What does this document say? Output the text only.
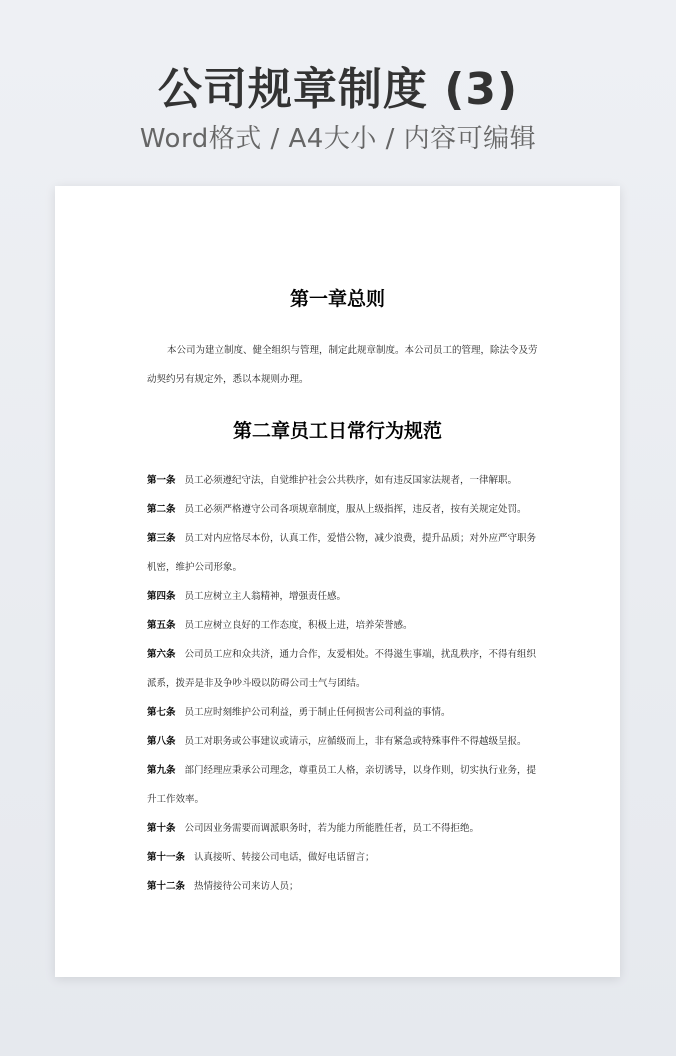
公司规章制度 (3)
Word格式 / A4大小 / 内容可编辑
第一章总则
本公司为建立制度、健全组织与管理，制定此规章制度。本公司员工的管理，除法令及劳动契约另有规定外，悉以本规则办理。
第二章员工日常行为规范
第一条 员工必须遵纪守法，自觉维护社会公共秩序，如有违反国家法规者，一律解职。
第二条 员工必须严格遵守公司各项规章制度，服从上级指挥，违反者，按有关规定处罚。
第三条 员工对内应恪尽本份，认真工作，爱惜公物，减少浪费，提升品质；对外应严守职务机密，维护公司形象。
第四条 员工应树立主人翁精神，增强责任感。
第五条 员工应树立良好的工作态度，积极上进，培养荣誉感。
第六条 公司员工应和众共济，通力合作，友爱相处。不得滋生事端，扰乱秩序，不得有组织派系，拨弄是非及争吵斗殴以防碍公司士气与团结。
第七条 员工应时刻维护公司利益，勇于制止任何损害公司利益的事情。
第八条 员工对职务或公事建议或请示，应循级而上，非有紧急或特殊事件不得越级呈报。
第九条 部门经理应秉承公司理念，尊重员工人格，亲切诱导，以身作则，切实执行业务，提升工作效率。
第十条 公司因业务需要而调派职务时，若为能力所能胜任者，员工不得拒绝。
第十一条 认真接听、转接公司电话，做好电话留言；
第十二条 热情接待公司来访人员；
